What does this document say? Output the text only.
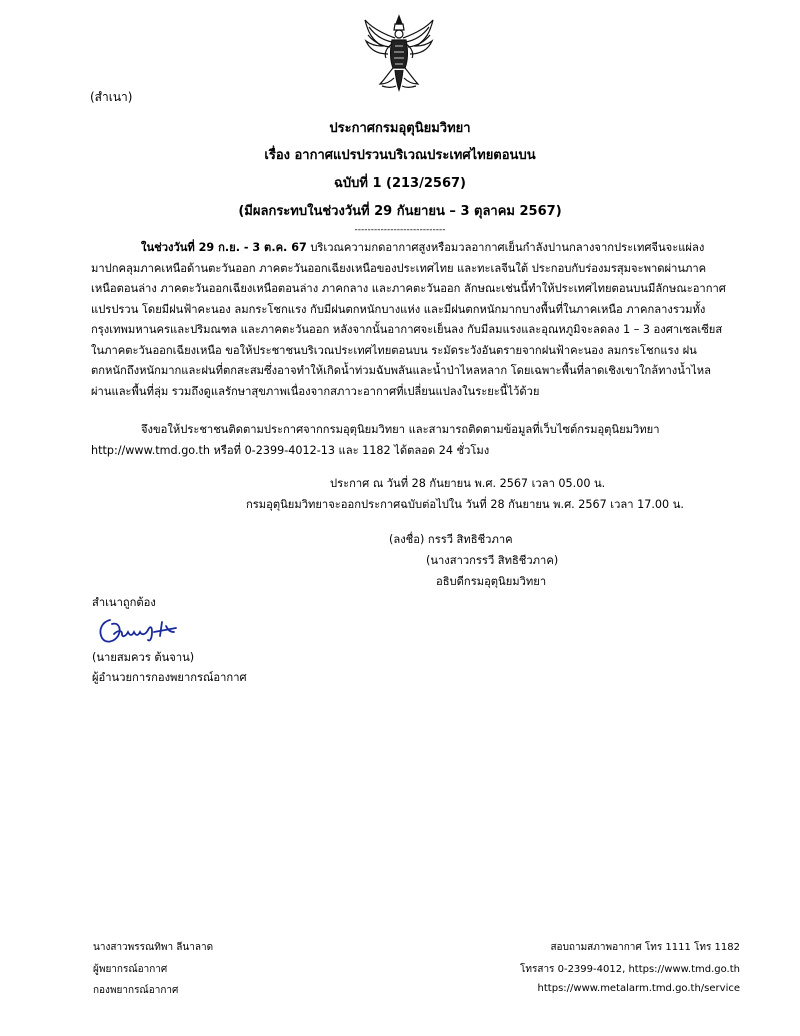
(สำเนา)
ประกาศกรมอุตุนิยมวิทยา
เรื่อง อากาศแปรปรวนบริเวณประเทศไทยตอนบน
ฉบับที่ 1 (213/2567)
(มีผลกระทบในช่วงวันที่ 29 กันยายน – 3 ตุลาคม 2567)
----------------------------
ในช่วงวันที่ 29 ก.ย. - 3 ต.ค. 67 บริเวณความกดอากาศสูงหรือมวลอากาศเย็นกำลังปานกลางจากประเทศจีนจะแผ่ลงมาปกคลุมภาคเหนือด้านตะวันออก ภาคตะวันออกเฉียงเหนือของประเทศไทย และทะเลจีนใต้ ประกอบกับร่องมรสุมจะพาดผ่านภาคเหนือตอนล่าง ภาคตะวันออกเฉียงเหนือตอนล่าง ภาคกลาง และภาคตะวันออก ลักษณะเช่นนี้ทำให้ประเทศไทยตอนบนมีลักษณะอากาศแปรปรวน โดยมีฝนฟ้าคะนอง ลมกระโชกแรง กับมีฝนตกหนักบางแห่ง และมีฝนตกหนักมากบางพื้นที่ในภาคเหนือ ภาคกลางรวมทั้งกรุงเทพมหานครและปริมณฑล และภาคตะวันออก หลังจากนั้นอากาศจะเย็นลง กับมีลมแรงและอุณหภูมิจะลดลง 1 – 3 องศาเซลเซียสในภาคตะวันออกเฉียงเหนือ ขอให้ประชาชนบริเวณประเทศไทยตอนบน ระมัดระวังอันตรายจากฝนฟ้าคะนอง ลมกระโชกแรง ฝนตกหนักถึงหนักมากและฝนที่ตกสะสมซึ่งอาจทำให้เกิดน้ำท่วมฉับพลันและน้ำป่าไหลหลาก โดยเฉพาะพื้นที่ลาดเชิงเขาใกล้ทางน้ำไหลผ่านและพื้นที่ลุ่ม รวมถึงดูแลรักษาสุขภาพเนื่องจากสภาวะอากาศที่เปลี่ยนแปลงในระยะนี้ไว้ด้วย
จึงขอให้ประชาชนติดตามประกาศจากกรมอุตุนิยมวิทยา และสามารถติดตามข้อมูลที่เว็บไซต์กรมอุตุนิยมวิทยา http://www.tmd.go.th หรือที่ 0-2399-4012-13 และ 1182 ได้ตลอด 24 ชั่วโมง
ประกาศ ณ วันที่ 28 กันยายน พ.ศ. 2567 เวลา 05.00 น.
กรมอุตุนิยมวิทยาจะออกประกาศฉบับต่อไปใน วันที่ 28 กันยายน พ.ศ. 2567 เวลา 17.00 น.
(ลงชื่อ) กรรวี สิทธิชีวภาค
(นางสาวกรรวี สิทธิชีวภาค)
อธิบดีกรมอุตุนิยมวิทยา
สำเนาถูกต้อง
(นายสมควร ต้นจาน)
ผู้อำนวยการกองพยากรณ์อากาศ
นางสาวพรรณทิพา ลีนาลาด
ผู้พยากรณ์อากาศ
กองพยากรณ์อากาศ
สอบถามสภาพอากาศ โทร 1111 โทร 1182
โทรสาร 0-2399-4012, https://www.tmd.go.th
https://www.metalarm.tmd.go.th/service
